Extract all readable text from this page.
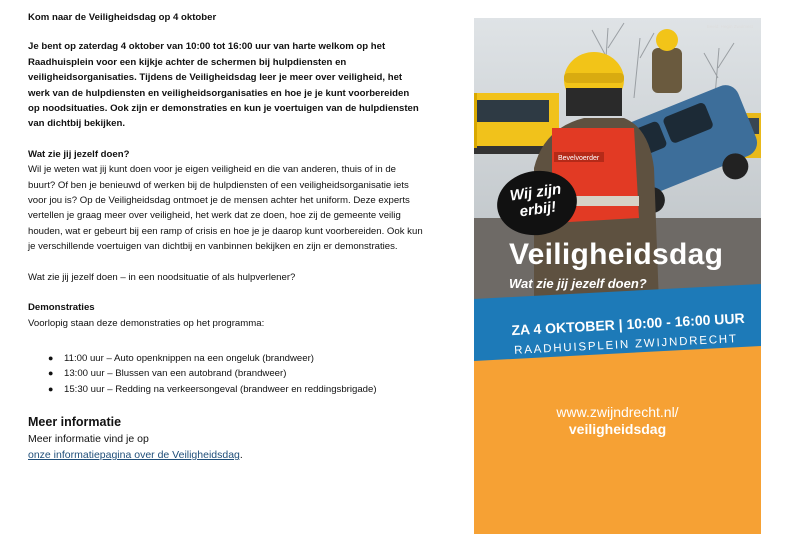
Kom naar de Veiligheidsdag op 4 oktober

Je bent op zaterdag 4 oktober van 10:00 tot 16:00 uur van harte welkom op het Raadhuisplein voor een kijkje achter de schermen bij hulpdiensten en veiligheidsorganisaties. Tijdens de Veiligheidsdag leer je meer over veiligheid, het werk van de hulpdiensten en veiligheidsorganisaties en hoe je je kunt voorbereiden op noodsituaties. Ook zijn er demonstraties en kun je voertuigen van de hulpdiensten van dichtbij bekijken.

Wat zie jij jezelf doen?

Wil je weten wat jij kunt doen voor je eigen veiligheid en die van anderen, thuis of in de buurt? Of ben je benieuwd of werken bij de hulpdiensten of een veiligheidsorganisatie iets voor jou is? Op de Veiligheidsdag ontmoet je de mensen achter het uniform. Deze experts vertellen je graag meer over veiligheid, het werk dat ze doen, hoe zij de gemeente veilig houden, wat er gebeurt bij een ramp of crisis en hoe je je daarop kunt voorbereiden. Ook kun je verschillende voertuigen van dichtbij en vanbinnen bekijken en zijn er demonstraties.

Wat zie jij jezelf doen – in een noodsituatie of als hulpverlener?

Demonstraties

Voorlopig staan deze demonstraties op het programma:

● 11:00 uur – Auto openknippen na een ongeluk (brandweer)
● 13:00 uur – Blussen van een autobrand (brandweer)
● 15:30 uur – Redding na verkeersongeval (brandweer en reddingsbrigade)

Meer informatie

Meer informatie vind je op

onze informatiepagina over de Veiligheidsdag.

Bevelvoerder
Beeld: Hegin Zwolmest
Wij zijn
erbij!
Veiligheidsdag
Wat zie jij jezelf doen?
ZA 4 OKTOBER | 10:00 - 16:00 UUR
RAADHUISPLEIN ZWIJNDRECHT
www.zwijndrecht.nl/
veiligheidsdag
